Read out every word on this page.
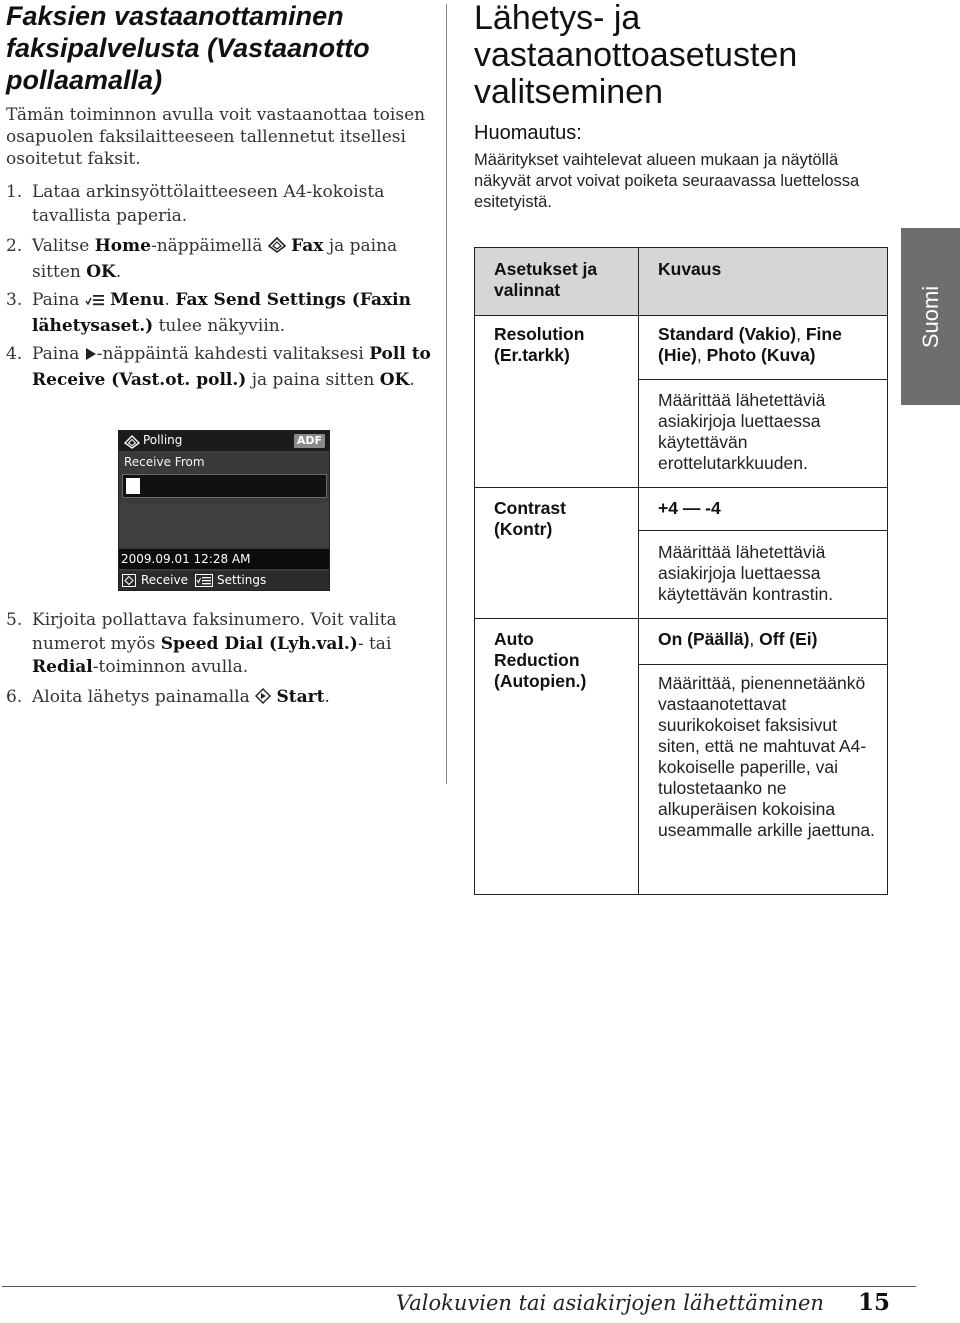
Faksien vastaanottaminen faksipalvelusta (Vastaanotto pollaamalla)
Tämän toiminnon avulla voit vastaanottaa toisen osapuolen faksilaitteeseen tallennetut itsellesi osoitetut faksit.
1. Lataa arkinsyöttölaitteeseen A4-kokoista tavallista paperia.
2. Valitse Home-näppäimellä  Fax ja paina sitten OK.
3. Paina  Menu. Fax Send Settings (Faxin lähetysaset.) tulee näkyviin.
4. Paina -näppäintä kahdesti valitaksesi Poll to Receive (Vast.ot. poll.) ja paina sitten OK.
5. Kirjoita pollattava faksinumero. Voit valita numerot myös Speed Dial (Lyh.val.)- tai Redial-toiminnon avulla.
6. Aloita lähetys painamalla  Start.
Polling	ADF
Receive From
2009.09.01 12:28 AM
Receive Settings
Lähetys- ja vastaanottoasetusten valitseminen
Huomautus:
Määritykset vaihtelevat alueen mukaan ja näytöllä näkyvät arvot voivat poiketa seuraavassa luettelossa esitetyistä.
Asetukset ja valinnat
Kuvaus
Resolution (Er.tarkk)
Standard (Vakio), Fine (Hie), Photo (Kuva)
Määrittää lähetettäviä asiakirjoja luettaessa käytettävän erottelutarkkuuden.
Contrast (Kontr)
+4 — -4
Määrittää lähetettäviä asiakirjoja luettaessa käytettävän kontrastin.
Auto Reduction (Autopien.)
On (Päällä), Off (Ei)
Määrittää, pienennetäänkö vastaanotettavat suurikokoiset faksisivut siten, että ne mahtuvat A4-kokoiselle paperille, vai tulostetaanko ne alkuperäisen kokoisina useammalle arkille jaettuna.
Suomi
Valokuvien tai asiakirjojen lähettäminen 15
